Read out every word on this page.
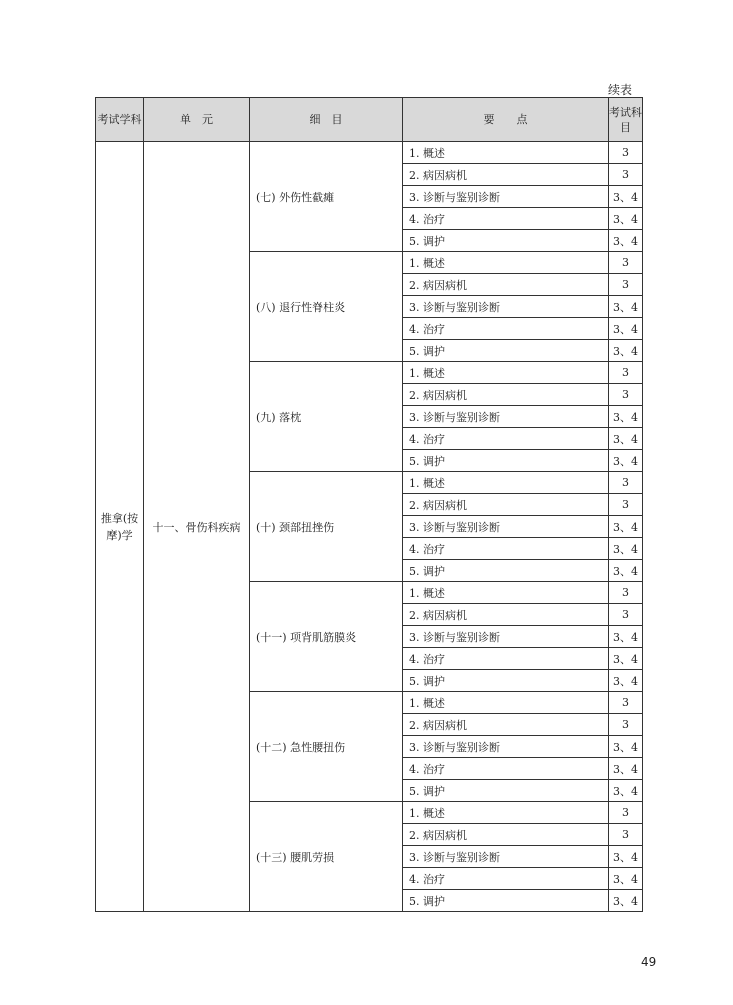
续表
考试学科	单　元	细　目	要　　点	考试科目
推拿(按摩)学	十一、骨伤科疾病	(七) 外伤性截瘫	1. 概述	3
			2. 病因病机	3
			3. 诊断与鉴别诊断	3、4
			4. 治疗	3、4
			5. 调护	3、4
		(八) 退行性脊柱炎	1. 概述	3
			2. 病因病机	3
			3. 诊断与鉴别诊断	3、4
			4. 治疗	3、4
			5. 调护	3、4
		(九) 落枕	1. 概述	3
			2. 病因病机	3
			3. 诊断与鉴别诊断	3、4
			4. 治疗	3、4
			5. 调护	3、4
		(十) 颈部扭挫伤	1. 概述	3
			2. 病因病机	3
			3. 诊断与鉴别诊断	3、4
			4. 治疗	3、4
			5. 调护	3、4
		(十一) 项背肌筋膜炎	1. 概述	3
			2. 病因病机	3
			3. 诊断与鉴别诊断	3、4
			4. 治疗	3、4
			5. 调护	3、4
		(十二) 急性腰扭伤	1. 概述	3
			2. 病因病机	3
			3. 诊断与鉴别诊断	3、4
			4. 治疗	3、4
			5. 调护	3、4
		(十三) 腰肌劳损	1. 概述	3
			2. 病因病机	3
			3. 诊断与鉴别诊断	3、4
			4. 治疗	3、4
			5. 调护	3、4
49
